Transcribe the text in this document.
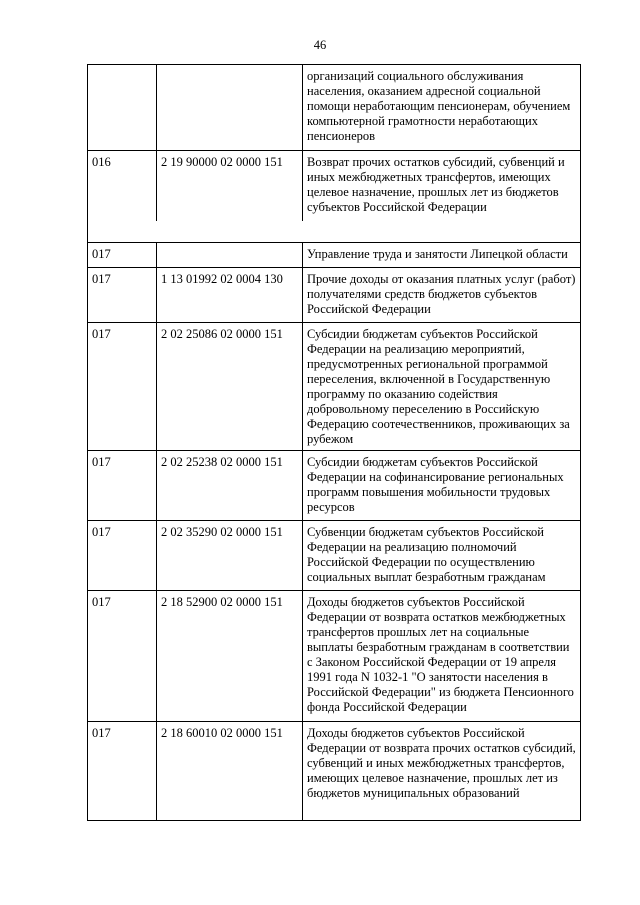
46
		организаций социального обслуживания населения, оказанием адресной социальной помощи неработающим пенсионерам, обучением компьютерной грамотности неработающих пенсионеров
016	2 19 90000 02 0000 151	Возврат прочих остатков субсидий, субвенций и иных межбюджетных трансфертов, имеющих целевое назначение, прошлых лет из бюджетов субъектов Российской Федерации

017		Управление труда и занятости Липецкой области
017	1 13 01992 02 0004 130	Прочие доходы от оказания платных услуг (работ) получателями средств бюджетов субъектов Российской Федерации
017	2 02 25086 02 0000 151	Субсидии бюджетам субъектов Российской Федерации на реализацию мероприятий, предусмотренных региональной программой переселения, включенной в Государственную программу по оказанию содействия добровольному переселению в Российскую Федерацию соотечественников, проживающих за рубежом
017	2 02 25238 02 0000 151	Субсидии бюджетам субъектов Российской Федерации на софинансирование региональных программ повышения мобильности трудовых ресурсов
017	2 02 35290 02 0000 151	Субвенции бюджетам субъектов Российской Федерации на реализацию полномочий Российской Федерации по осуществлению социальных выплат безработным гражданам
017	2 18 52900 02 0000 151	Доходы бюджетов субъектов Российской Федерации от возврата остатков межбюджетных трансфертов прошлых лет на социальные выплаты безработным гражданам в соответствии с Законом Российской Федерации от 19 апреля 1991 года N 1032-1 "О занятости населения в Российской Федерации" из бюджета Пенсионного фонда Российской Федерации
017	2 18 60010 02 0000 151	Доходы бюджетов субъектов Российской Федерации от возврата прочих остатков субсидий, субвенций и иных межбюджетных трансфертов, имеющих целевое назначение, прошлых лет из бюджетов муниципальных образований
